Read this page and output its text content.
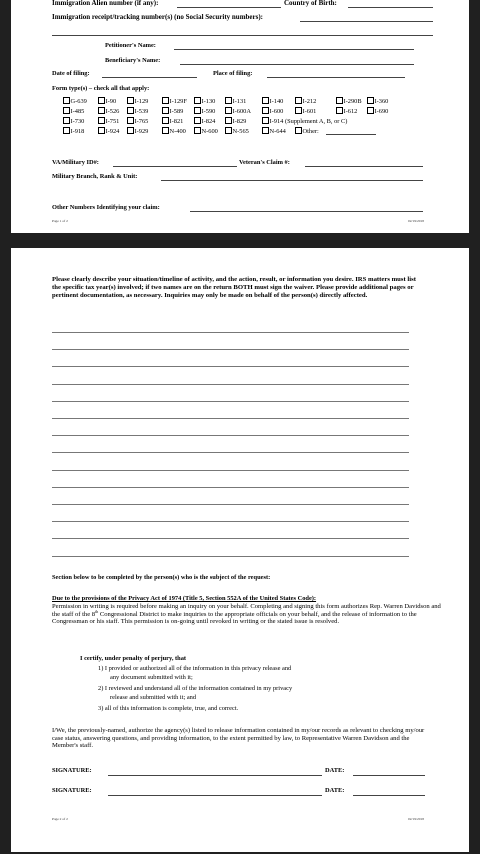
Immigration Alien number (if any):	Country of Birth:
Immigration receipt/tracking number(s) (no Social Security numbers):
Petitioner's Name:
Beneficiary's Name:
Date of filing:	Place of filing:
Form type(s) – check all that apply:
G-639	I-90	I-129	I-129F	I-130	I-131	I-140	I-212	I-290B	I-360
I-485	I-526	I-539	I-589	I-590	I-600A	I-600	I-601	I-612	I-690
I-730	I-751	I-765	I-821	I-824	I-829	I-914 (Supplement A, B, or C)
I-918	I-924	I-929	N-400	N-600	N-565	N-644	Other:
VA/Military ID#:	Veteran's Claim #:
Military Branch, Rank & Unit:
Other Numbers Identifying your claim:
Page 1 of 2	02/19/2018
Please clearly describe your situation/timeline of activity, and the action, result, or information you desire. IRS matters must list the specific tax year(s) involved; if two names are on the return BOTH must sign the waiver. Please provide additional pages or pertinent documentation, as necessary. Inquiries may only be made on behalf of the person(s) directly affected.
Section below to be completed by the person(s) who is the subject of the request:
Due to the provisions of the Privacy Act of 1974 (Title 5, Section 552A of the United States Code):
Permission in writing is required before making an inquiry on your behalf. Completing and signing this form authorizes Rep. Warren Davidson and the staff of the 8th Congressional District to make inquiries to the appropriate officials on your behalf, and the release of information to the Congressman or his staff. This permission is on-going until revoked in writing or the stated issue is resolved.
I certify, under penalty of perjury, that
1) I provided or authorized all of the information in this privacy release and
any document submitted with it;
2) I reviewed and understand all of the information contained in my privacy
release and submitted with it; and
3) all of this information is complete, true, and correct.
I/We, the previously-named, authorize the agency(s) listed to release information contained in my/our records as relevant to checking my/our case status, answering questions, and providing information, to the extent permitted by law, to Representative Warren Davidson and the Member's staff.
SIGNATURE:	DATE:
SIGNATURE:	DATE:
Page 2 of 2	02/19/2018
